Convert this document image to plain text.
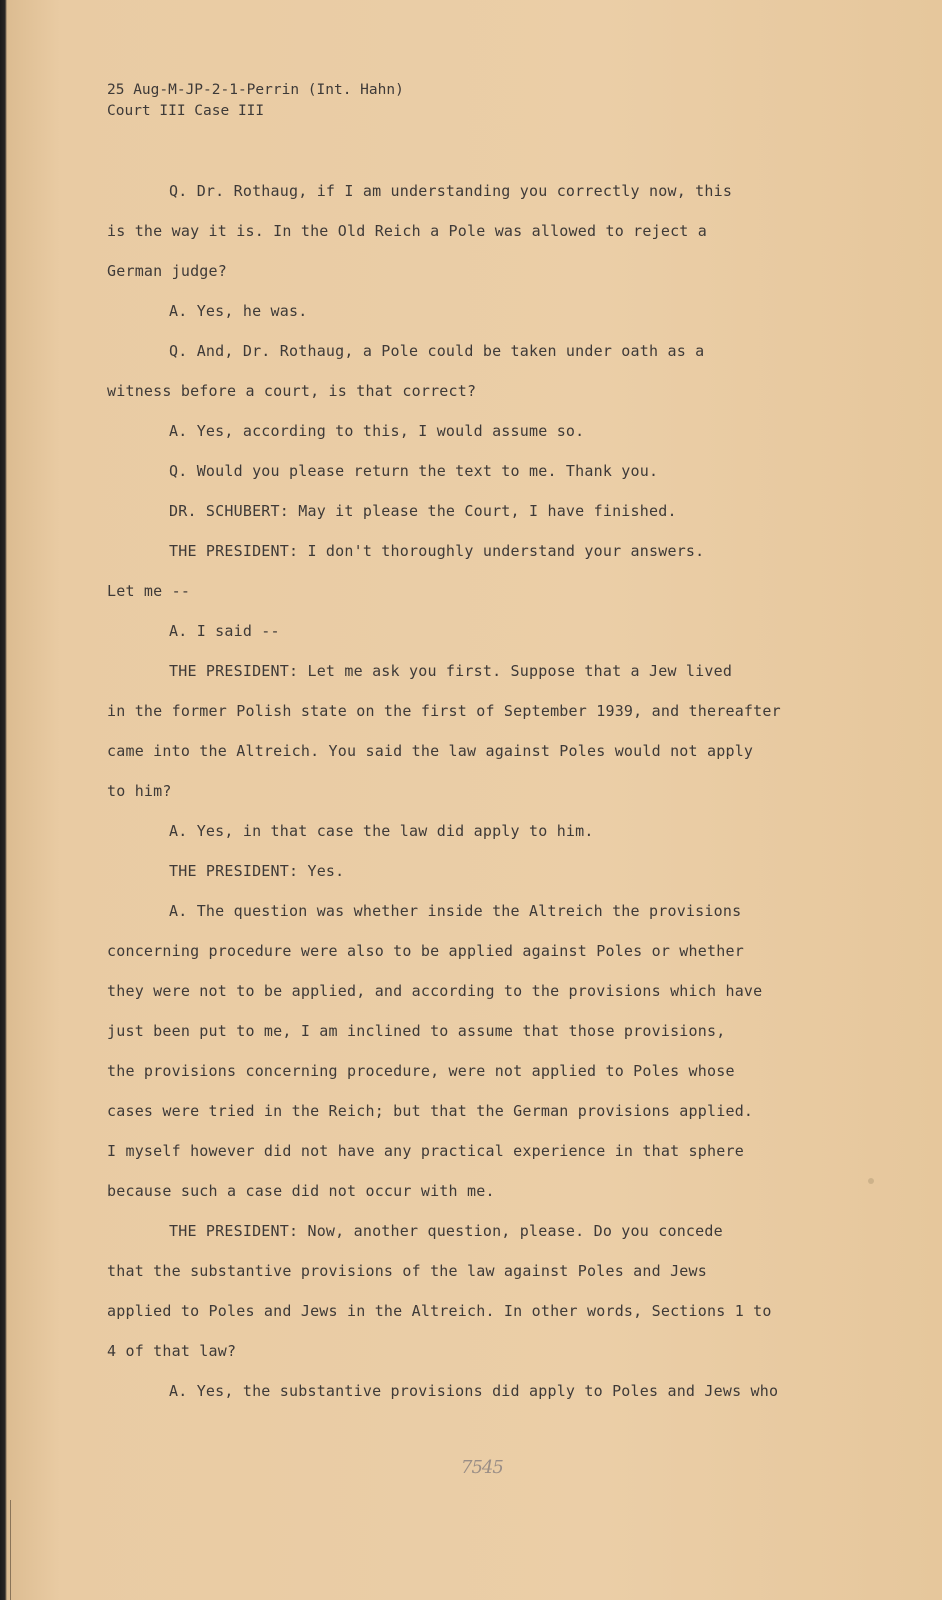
25 Aug-M-JP-2-1-Perrin (Int. Hahn)
Court III Case III
Q. Dr. Rothaug, if I am understanding you correctly now, this
is the way it is. In the Old Reich a Pole was allowed to reject a
German judge?
A. Yes, he was.
Q. And, Dr. Rothaug, a Pole could be taken under oath as a
witness before a court, is that correct?
A. Yes, according to this, I would assume so.
Q. Would you please return the text to me. Thank you.
DR. SCHUBERT: May it please the Court, I have finished.
THE PRESIDENT: I don't thoroughly understand your answers.
Let me --
A. I said --
THE PRESIDENT: Let me ask you first. Suppose that a Jew lived
in the former Polish state on the first of September 1939, and thereafter
came into the Altreich. You said the law against Poles would not apply
to him?
A. Yes, in that case the law did apply to him.
THE PRESIDENT: Yes.
A. The question was whether inside the Altreich the provisions
concerning procedure were also to be applied against Poles or whether
they were not to be applied, and according to the provisions which have
just been put to me, I am inclined to assume that those provisions,
the provisions concerning procedure, were not applied to Poles whose
cases were tried in the Reich; but that the German provisions applied.
I myself however did not have any practical experience in that sphere
because such a case did not occur with me.
THE PRESIDENT: Now, another question, please. Do you concede
that the substantive provisions of the law against Poles and Jews
applied to Poles and Jews in the Altreich. In other words, Sections 1 to
4 of that law?
A. Yes, the substantive provisions did apply to Poles and Jews who
7545
